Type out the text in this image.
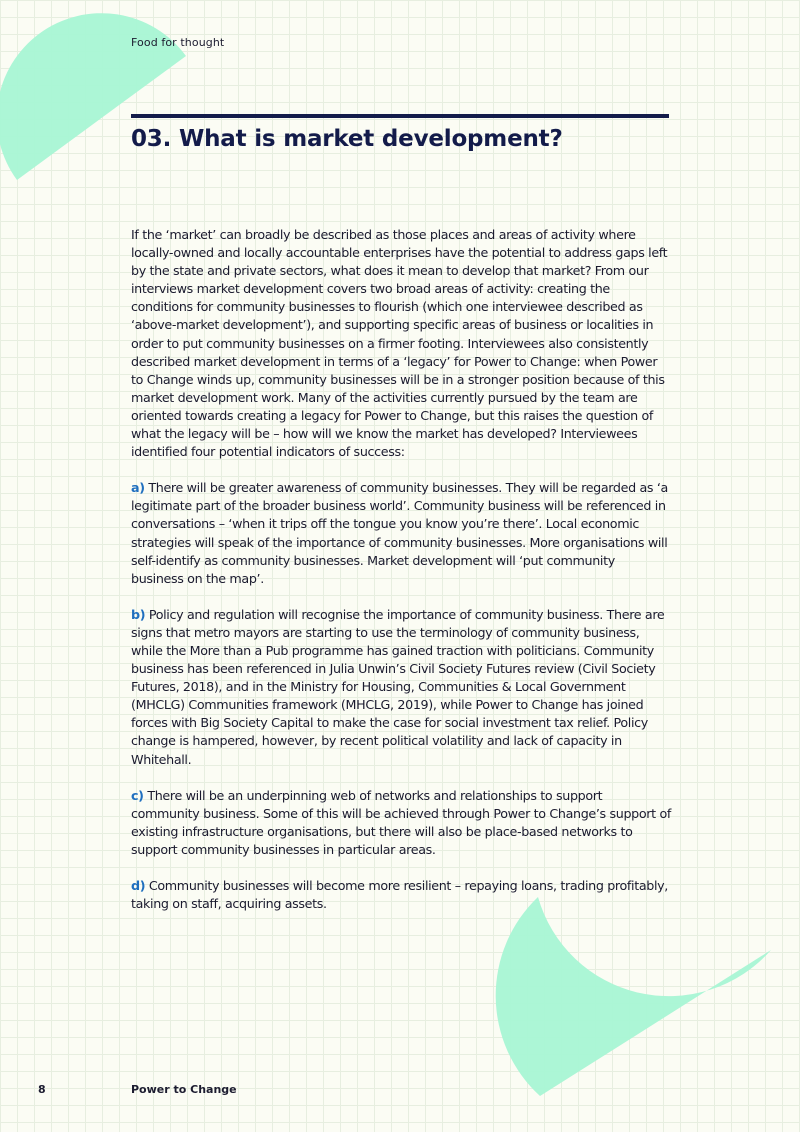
Food for thought
03. What is market development?

If the ‘market’ can broadly be described as those places and areas of activity where locally-owned and locally accountable enterprises have the potential to address gaps left by the state and private sectors, what does it mean to develop that market? From our interviews market development covers two broad areas of activity: creating the conditions for community businesses to flourish (which one interviewee described as ‘above-market development’), and supporting specific areas of business or localities in order to put community businesses on a firmer footing. Interviewees also consistently described market development in terms of a ‘legacy’ for Power to Change: when Power to Change winds up, community businesses will be in a stronger position because of this market development work. Many of the activities currently pursued by the team are oriented towards creating a legacy for Power to Change, but this raises the question of what the legacy will be – how will we know the market has developed? Interviewees identified four potential indicators of success:

a) There will be greater awareness of community businesses. They will be regarded as ‘a legitimate part of the broader business world’. Community business will be referenced in conversations – ‘when it trips off the tongue you know you’re there’. Local economic strategies will speak of the importance of community businesses. More organisations will self-identify as community businesses. Market development will ‘put community business on the map’.

b) Policy and regulation will recognise the importance of community business. There are signs that metro mayors are starting to use the terminology of community business, while the More than a Pub programme has gained traction with politicians. Community business has been referenced in Julia Unwin’s Civil Society Futures review (Civil Society Futures, 2018), and in the Ministry for Housing, Communities & Local Government (MHCLG) Communities framework (MHCLG, 2019), while Power to Change has joined forces with Big Society Capital to make the case for social investment tax relief. Policy change is hampered, however, by recent political volatility and lack of capacity in Whitehall.

c) There will be an underpinning web of networks and relationships to support community business. Some of this will be achieved through Power to Change’s support of existing infrastructure organisations, but there will also be place-based networks to support community businesses in particular areas.

d) Community businesses will become more resilient – repaying loans, trading profitably, taking on staff, acquiring assets.

8	Power to Change
